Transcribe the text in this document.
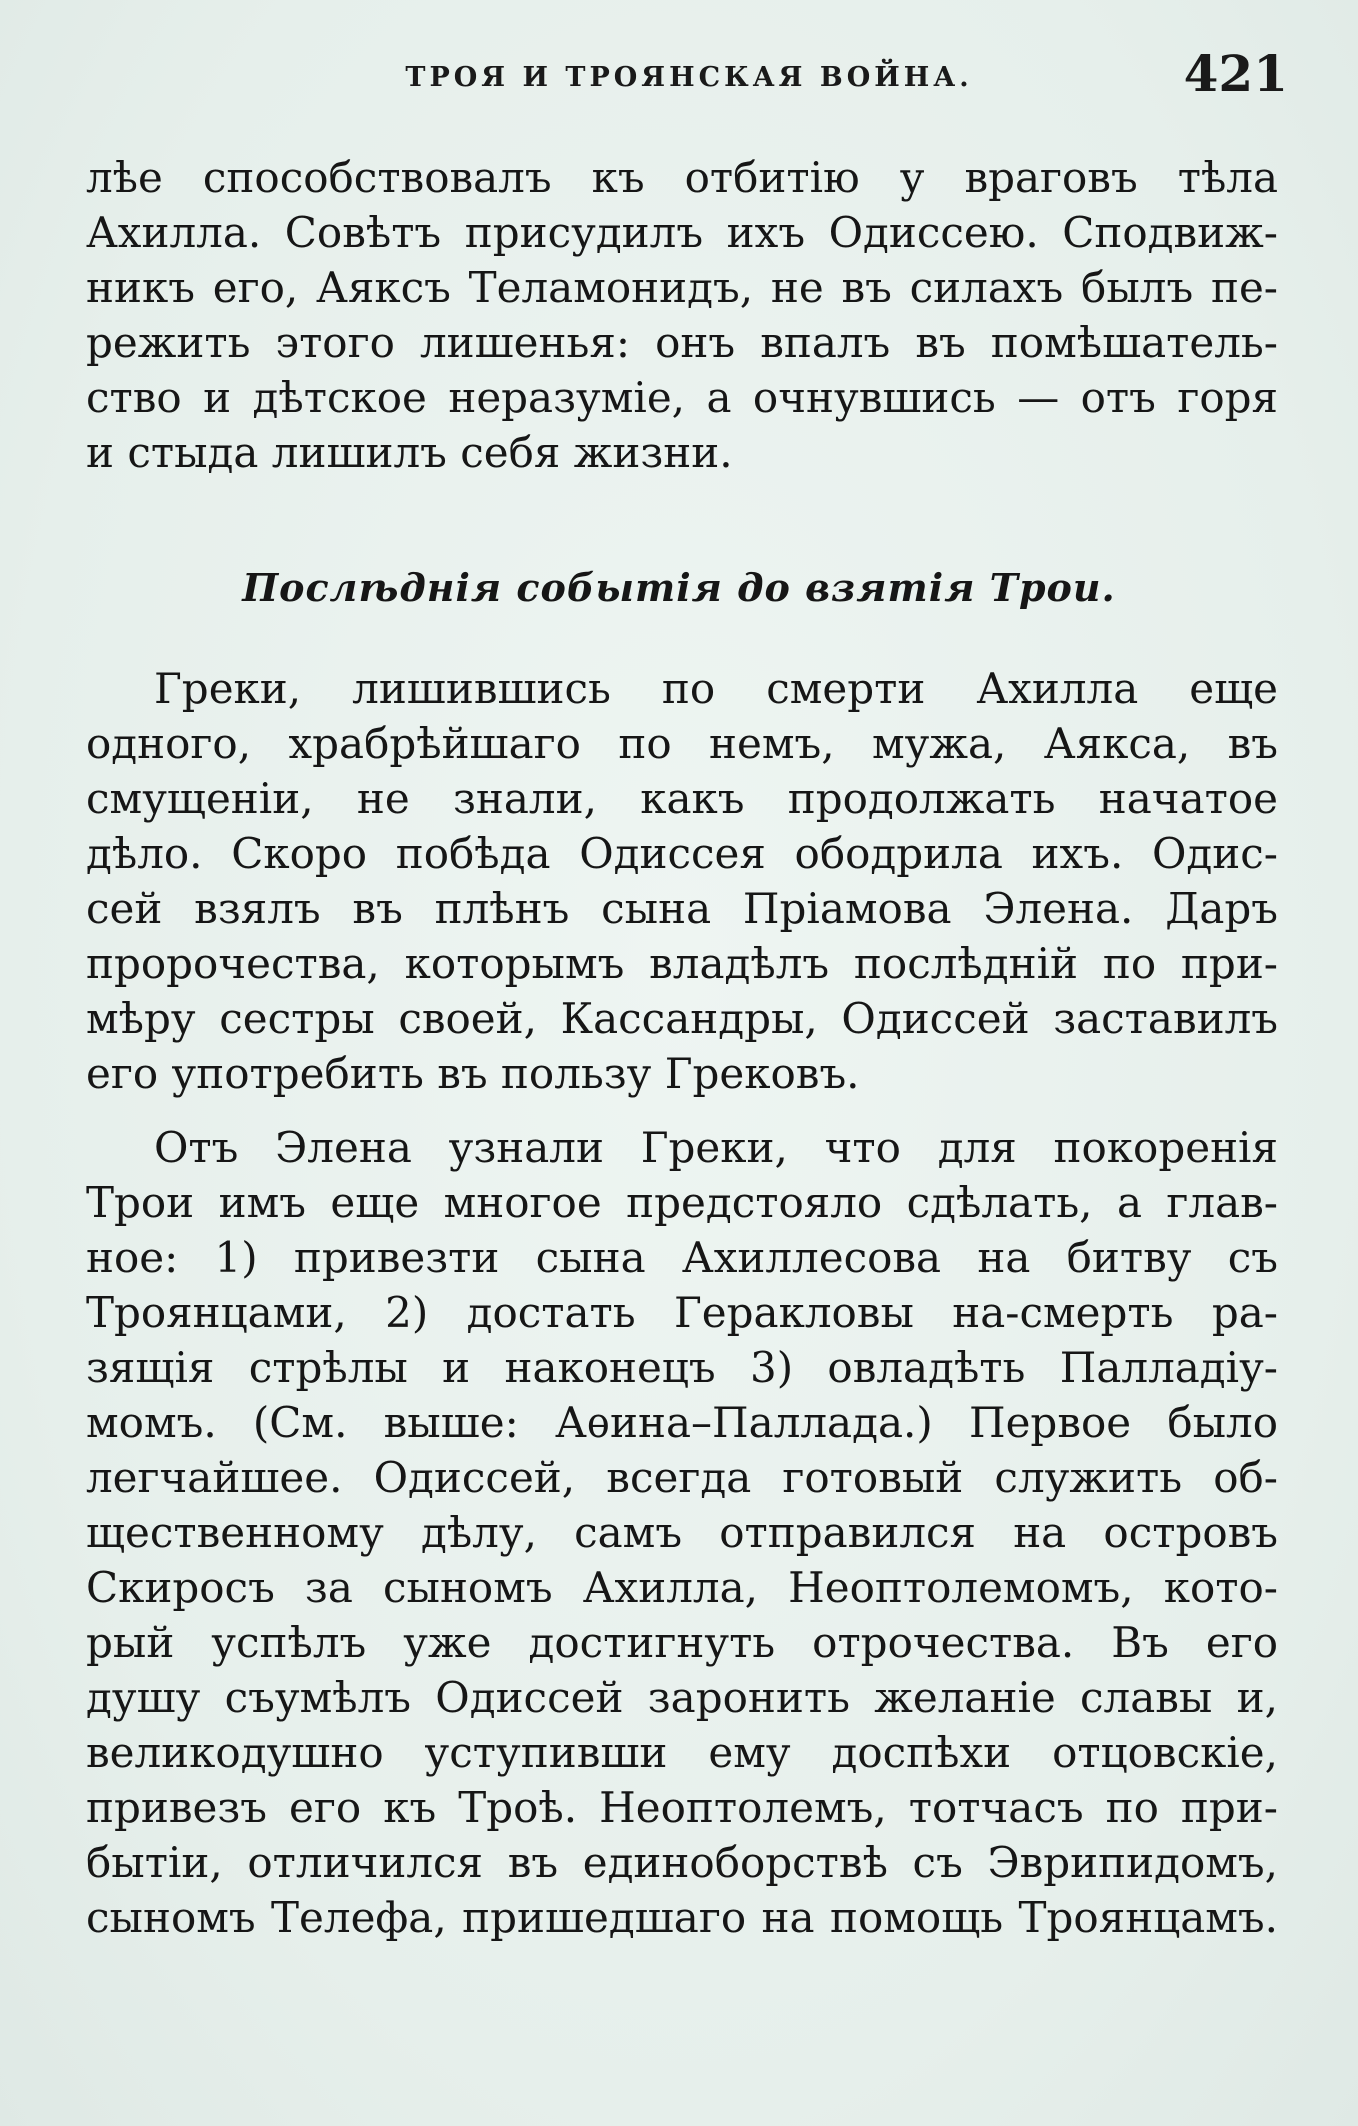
ТРОЯ И ТРОЯНСКАЯ ВОЙНА.	421
лѣе способствовалъ къ отбитію у враговъ тѣла
Ахилла. Совѣтъ присудилъ ихъ Одиссею. Сподвиж-
никъ его, Аяксъ Теламонидъ, не въ силахъ былъ пе-
режить этого лишенья: онъ впалъ въ помѣшатель-
ство и дѣтское неразуміе, а очнувшись — отъ горя
и стыда лишилъ себя жизни.
Послѣднія событія до взятія Трои.
Греки, лишившись по смерти Ахилла еще
одного, храбрѣйшаго по немъ, мужа, Аякса, въ
смущеніи, не знали, какъ продолжать начатое
дѣло. Скоро побѣда Одиссея ободрила ихъ. Одис-
сей взялъ въ плѣнъ сына Пріамова Элена. Даръ
пророчества, которымъ владѣлъ послѣдній по при-
мѣру сестры своей, Кассандры, Одиссей заставилъ
его употребить въ пользу Грековъ.
Отъ Элена узнали Греки, что для покоренія
Трои имъ еще многое предстояло сдѣлать, а глав-
ное: 1) привезти сына Ахиллесова на битву съ
Троянцами, 2) достать Геракловы на-смерть ра-
зящія стрѣлы и наконецъ 3) овладѣть Палладіу-
момъ. (См. выше: Аѳина–Паллада.) Первое было
легчайшее. Одиссей, всегда готовый служить об-
щественному дѣлу, самъ отправился на островъ
Скиросъ за сыномъ Ахилла, Неоптолемомъ, кото-
рый успѣлъ уже достигнуть отрочества. Въ его
душу съумѣлъ Одиссей заронить желаніе славы и,
великодушно уступивши ему доспѣхи отцовскіе,
привезъ его къ Троѣ. Неоптолемъ, тотчасъ по при-
бытіи, отличился въ единоборствѣ съ Эврипидомъ,
сыномъ Телефа, пришедшаго на помощь Троянцамъ.
